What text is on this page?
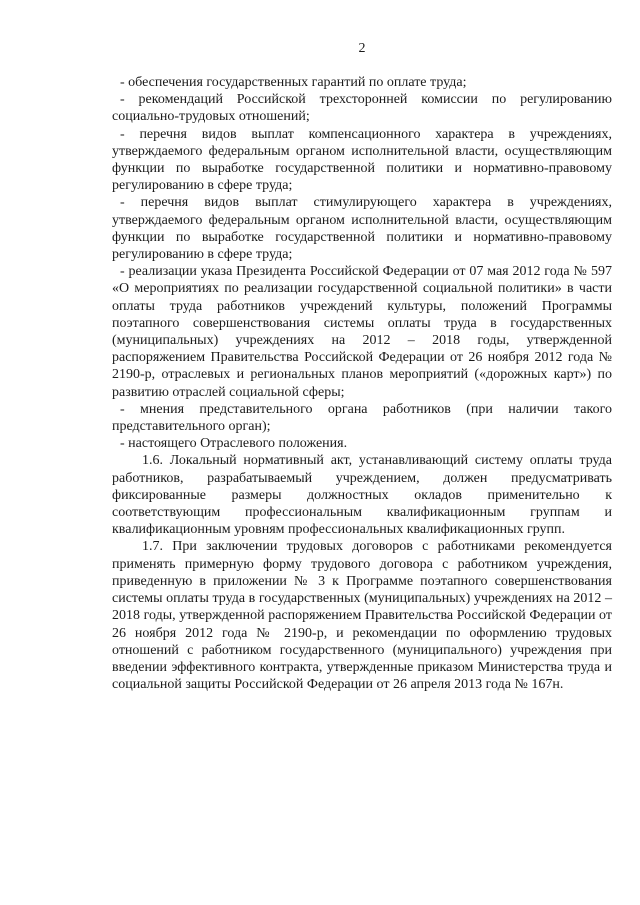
2

- обеспечения государственных гарантий по оплате труда;

- рекомендаций Российской трехсторонней комиссии по регулированию социально-трудовых отношений;

- перечня видов выплат компенсационного характера в учреждениях, утверждаемого федеральным органом исполнительной власти, осуществляющим функции по выработке государственной политики и нормативно-правовому регулированию в сфере труда;

- перечня видов выплат стимулирующего характера в учреждениях, утверждаемого федеральным органом исполнительной власти, осуществляющим функции по выработке государственной политики и нормативно-правовому регулированию в сфере труда;

- реализации указа Президента Российской Федерации от 07 мая 2012 года № 597 «О мероприятиях по реализации государственной социальной политики» в части оплаты труда работников учреждений культуры, положений Программы поэтапного совершенствования системы оплаты труда в государственных (муниципальных) учреждениях на 2012 – 2018 годы, утвержденной распоряжением Правительства Российской Федерации от 26 ноября 2012 года № 2190-р, отраслевых и региональных планов мероприятий («дорожных карт») по развитию отраслей социальной сферы;

- мнения представительного органа работников (при наличии такого представительного орган);

- настоящего Отраслевого положения.

1.6. Локальный нормативный акт, устанавливающий систему оплаты труда работников, разрабатываемый учреждением, должен предусматривать фиксированные размеры должностных окладов применительно к соответствующим профессиональным квалификационным группам и квалификационным уровням профессиональных квалификационных групп.

1.7. При заключении трудовых договоров с работниками рекомендуется применять примерную форму трудового договора с работником учреждения, приведенную в приложении № 3 к Программе поэтапного совершенствования системы оплаты труда в государственных (муниципальных) учреждениях на 2012 – 2018 годы, утвержденной распоряжением Правительства Российской Федерации от 26 ноября 2012 года № 2190-р, и рекомендации по оформлению трудовых отношений с работником государственного (муниципального) учреждения при введении эффективного контракта, утвержденные приказом Министерства труда и социальной защиты Российской Федерации от 26 апреля 2013 года № 167н.
